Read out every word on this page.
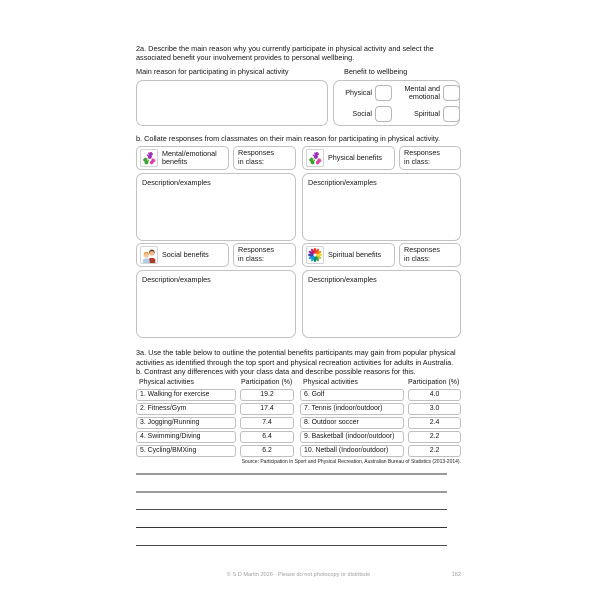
2a. Describe the main reason why you currently participate in physical activity and select the associated benefit your involvement provides to personal wellbeing.

Main reason for participating in physical activity	Benefit to wellbeing
Physical	Mental and emotional
Social	Spiritual

b. Collate responses from classmates on their main reason for participating in physical activity.

Mental/emotional benefits
Responses in class:
Description/examples
Physical benefits
Responses in class:
Description/examples
Social benefits
Responses in class:
Description/examples
Spiritual benefits
Responses in class:
Description/examples

3a. Use the table below to outline the potential benefits participants may gain from popular physical activities as identified through the top sport and physical recreation activities for adults in Australia.

b. Contrast any differences with your class data and describe possible reasons for this.

Physical activities	Participation (%)	Physical activities	Participation (%)
1. Walking for exercise	19.2	6. Golf	4.0
2. Fitness/Gym	17.4	7. Tennis (indoor/outdoor)	3.0
3. Jogging/Running	7.4	8. Outdoor soccer	2.4
4. Swimming/Diving	6.4	9. Basketball (indoor/outdoor)	2.2
5. Cycling/BMXing	6.2	10. Netball (Indoor/outdoor)	2.2
Source: Participation in Sport and Physical Recreation, Australian Bureau of Statistics (2013-2014).
© S D Martin 2026 - Please do not photocopy or distribute	182
